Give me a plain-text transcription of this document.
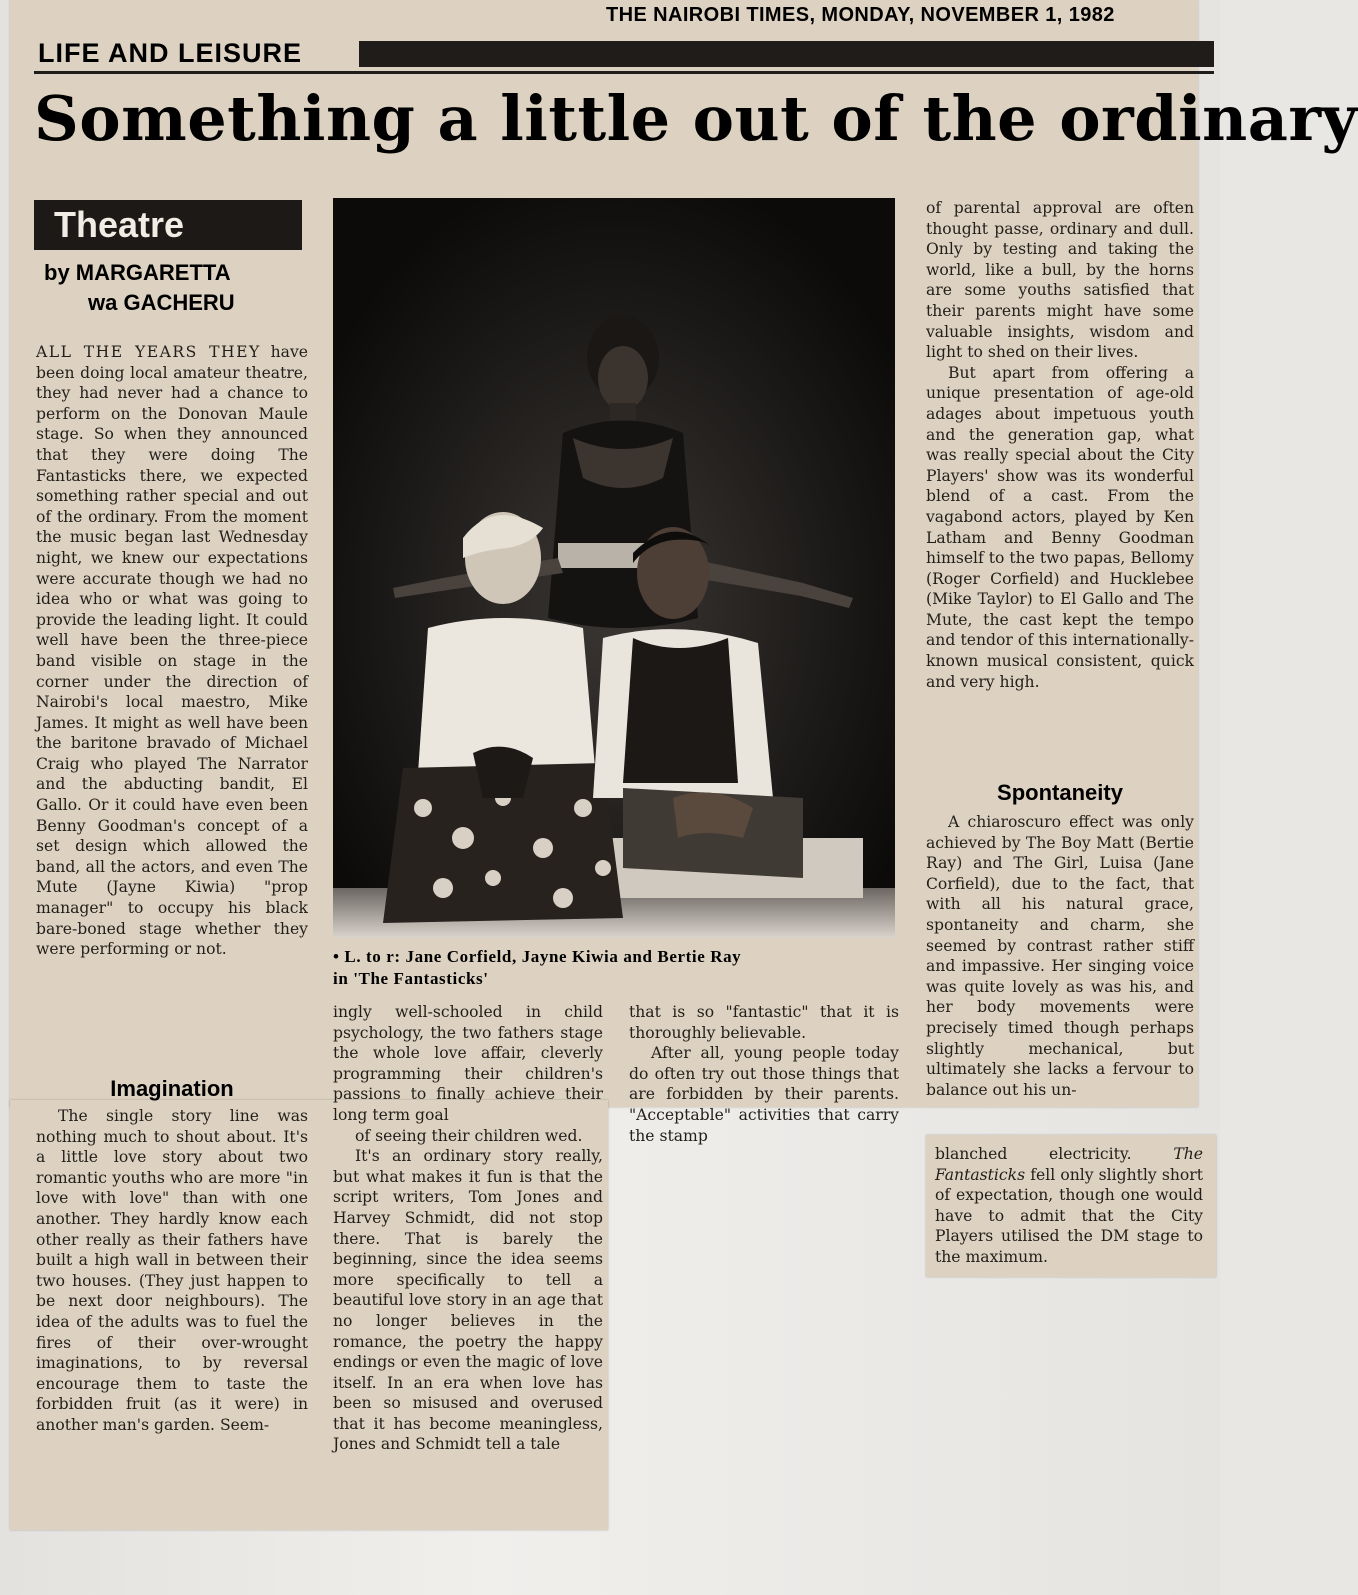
THE NAIROBI TIMES, MONDAY, NOVEMBER 1, 1982
LIFE AND LEISURE
Something a little out of the ordinary
Theatre
by MARGARETTA
wa GACHERU

ALL THE YEARS THEY have been doing local amateur theatre, they had never had a chance to perform on the Donovan Maule stage. So when they announced that they were doing The Fantasticks there, we expected something rather special and out of the ordinary. From the moment the music began last Wednesday night, we knew our expectations were accurate though we had no idea who or what was going to provide the leading light. It could well have been the three-piece band visible on stage in the corner under the direction of Nairobi's local maestro, Mike James. It might as well have been the baritone bravado of Michael Craig who played The Narrator and the abducting bandit, El Gallo. Or it could have even been Benny Goodman's concept of a set design which allowed the band, all the actors, and even The Mute (Jayne Kiwia) "prop manager" to occupy his black bare-boned stage whether they were performing or not.

Imagination

The single story line was nothing much to shout about. It's a little love story about two romantic youths who are more "in love with love" than with one another. They hardly know each other really as their fathers have built a high wall in between their two houses. (They just happen to be next door neighbours). The idea of the adults was to fuel the fires of their over-wrought imaginations, to by reversal encourage them to taste the forbidden fruit (as it were) in another man's garden. Seem-

• L. to r: Jane Corfield, Jayne Kiwia and Bertie Ray
in 'The Fantasticks'

ingly well-schooled in child psychology, the two fathers stage the whole love affair, cleverly programming their children's passions to finally achieve their long term goal

of seeing their children wed.

It's an ordinary story really, but what makes it fun is that the script writers, Tom Jones and Harvey Schmidt, did not stop there. That is barely the beginning, since the idea seems more specifically to tell a beautiful love story in an age that no longer believes in the romance, the poetry the happy endings or even the magic of love itself. In an era when love has been so misused and overused that it has become meaningless, Jones and Schmidt tell a tale

that is so "fantastic" that it is thoroughly believable.

After all, young people today do often try out those things that are forbidden by their parents. "Acceptable" activities that carry the stamp

of parental approval are often thought passe, ordinary and dull. Only by testing and taking the world, like a bull, by the horns are some youths satisfied that their parents might have some valuable insights, wisdom and light to shed on their lives.

But apart from offering a unique presentation of age-old adages about impetuous youth and the generation gap, what was really special about the City Players' show was its wonderful blend of a cast. From the vagabond actors, played by Ken Latham and Benny Goodman himself to the two papas, Bellomy (Roger Corfield) and Hucklebee (Mike Taylor) to El Gallo and The Mute, the cast kept the tempo and tendor of this internationally-known musical consistent, quick and very high.

Spontaneity

A chiaroscuro effect was only achieved by The Boy Matt (Bertie Ray) and The Girl, Luisa (Jane Corfield), due to the fact, that with all his natural grace, spontaneity and charm, she seemed by contrast rather stiff and impassive. Her singing voice was quite lovely as was his, and her body movements were precisely timed though perhaps slightly mechanical, but ultimately she lacks a fervour to balance out his un-

blanched electricity. The Fantasticks fell only slightly short of expectation, though one would have to admit that the City Players utilised the DM stage to the maximum.
